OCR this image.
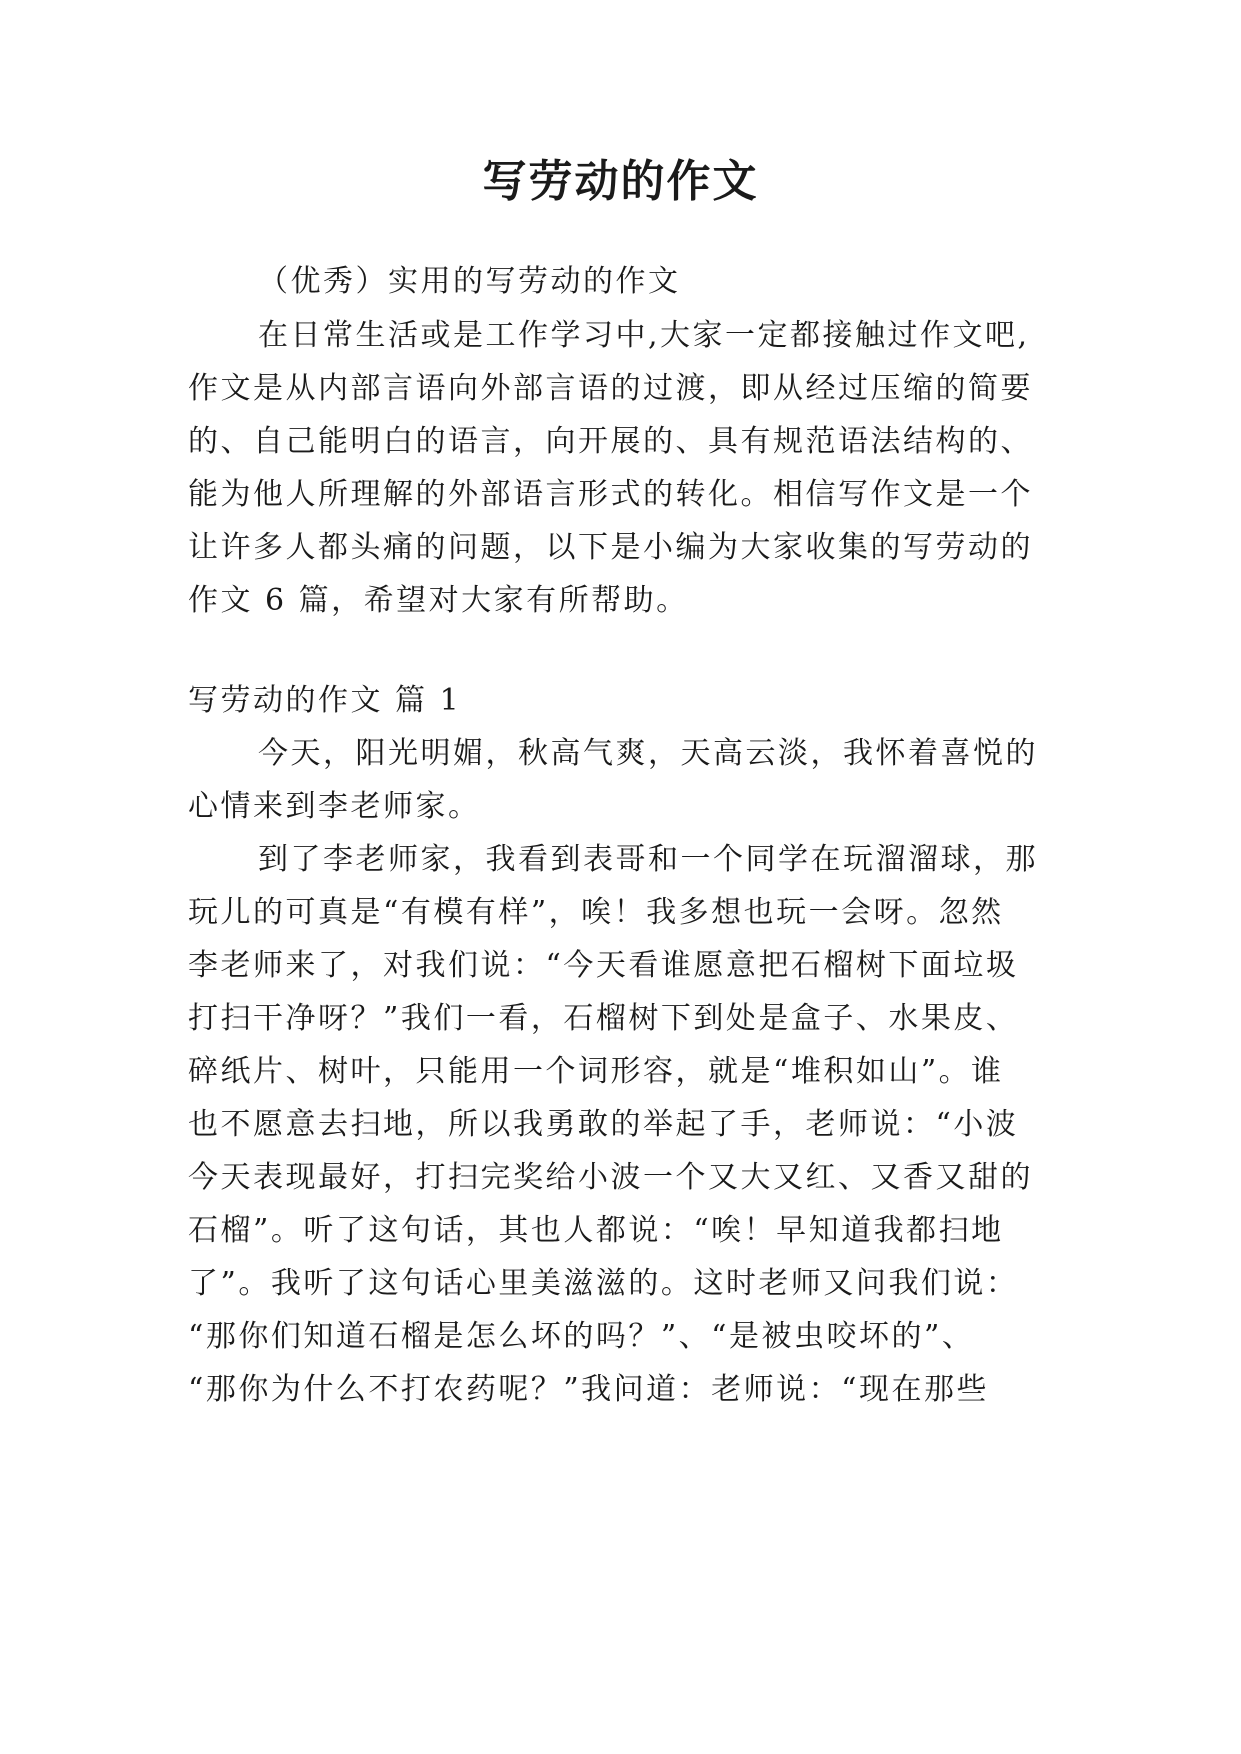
写劳动的作文

（优秀）实用的写劳动的作文

在日常生活或是工作学习中,大家一定都接触过作文吧,

作文是从内部言语向外部言语的过渡，即从经过压缩的简要

的、自己能明白的语言，向开展的、具有规范语法结构的、

能为他人所理解的外部语言形式的转化。相信写作文是一个

让许多人都头痛的问题，以下是小编为大家收集的写劳动的

作文 6 篇，希望对大家有所帮助。

写劳动的作文 篇 1

今天，阳光明媚，秋高气爽，天高云淡，我怀着喜悦的

心情来到李老师家。

到了李老师家，我看到表哥和一个同学在玩溜溜球，那

玩儿的可真是“有模有样”，唉！我多想也玩一会呀。忽然

李老师来了，对我们说：“今天看谁愿意把石榴树下面垃圾

打扫干净呀？”我们一看，石榴树下到处是盒子、水果皮、

碎纸片、树叶，只能用一个词形容，就是“堆积如山”。谁

也不愿意去扫地，所以我勇敢的举起了手，老师说：“小波

今天表现最好，打扫完奖给小波一个又大又红、又香又甜的

石榴”。听了这句话，其也人都说：“唉！早知道我都扫地

了”。我听了这句话心里美滋滋的。这时老师又问我们说：

“那你们知道石榴是怎么坏的吗？”、“是被虫咬坏的”、

“那你为什么不打农药呢？”我问道：老师说：“现在那些
